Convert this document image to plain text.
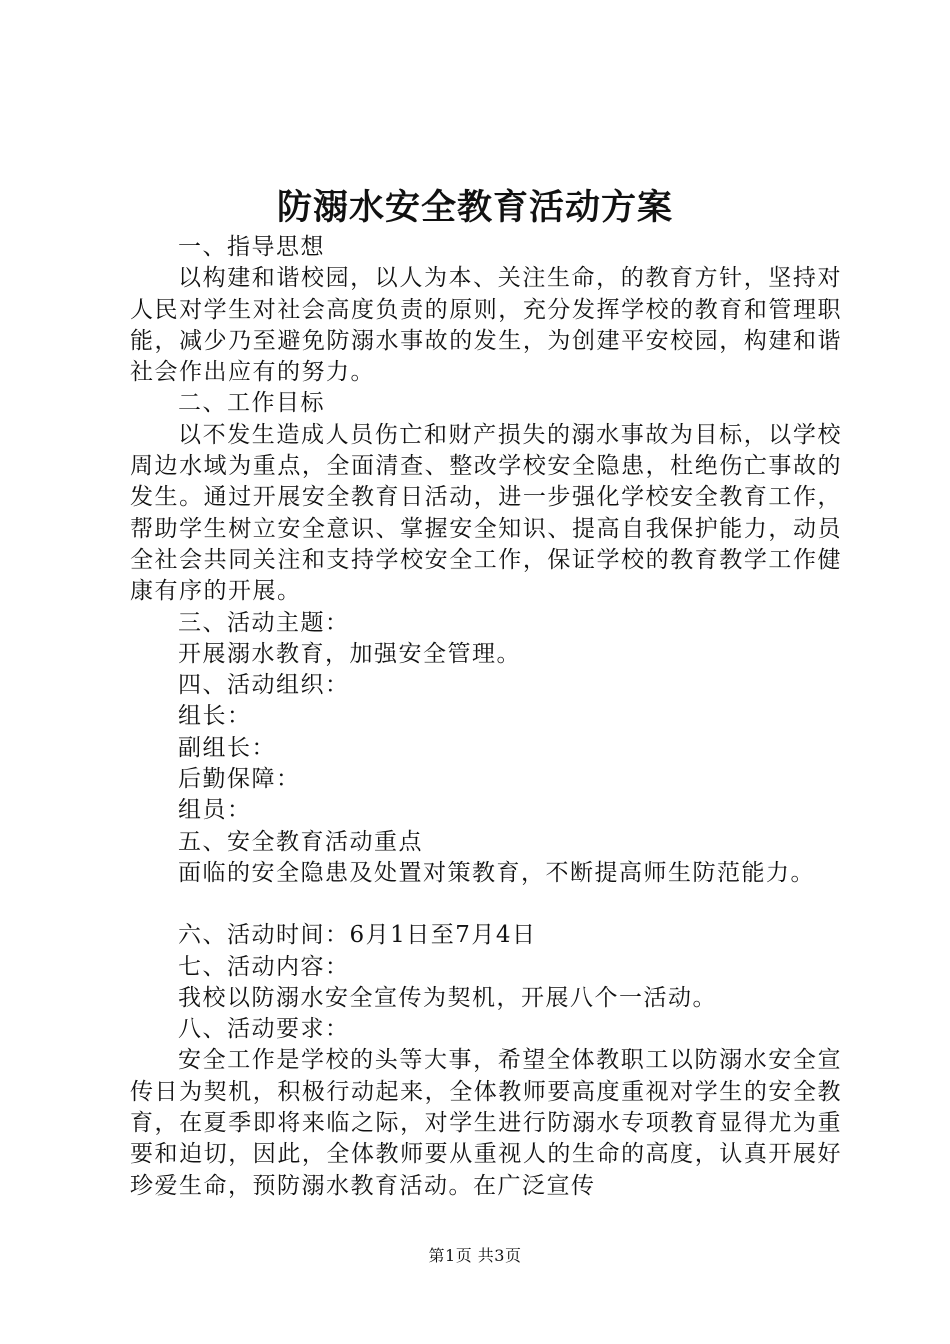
防溺水安全教育活动方案

一、指导思想

以构建和谐校园，以人为本、关注生命，的教育方针，坚持对人民对学生对社会高度负责的原则，充分发挥学校的教育和管理职能，减少乃至避免防溺水事故的发生，为创建平安校园，构建和谐社会作出应有的努力。

二、工作目标

以不发生造成人员伤亡和财产损失的溺水事故为目标，以学校周边水域为重点，全面清查、整改学校安全隐患，杜绝伤亡事故的发生。通过开展安全教育日活动，进一步强化学校安全教育工作，帮助学生树立安全意识、掌握安全知识、提高自我保护能力，动员全社会共同关注和支持学校安全工作，保证学校的教育教学工作健康有序的开展。

三、活动主题：

开展溺水教育，加强安全管理。

四、活动组织：

组长：

副组长：

后勤保障：

组员：

五、安全教育活动重点

面临的安全隐患及处置对策教育，不断提高师生防范能力。

六、活动时间：6月1日至7月4日

七、活动内容：

我校以防溺水安全宣传为契机，开展八个一活动。

八、活动要求：

安全工作是学校的头等大事，希望全体教职工以防溺水安全宣传日为契机，积极行动起来，全体教师要高度重视对学生的安全教育，在夏季即将来临之际，对学生进行防溺水专项教育显得尤为重要和迫切，因此，全体教师要从重视人的生命的高度，认真开展好珍爱生命，预防溺水教育活动。在广泛宣传

第1页 共3页
